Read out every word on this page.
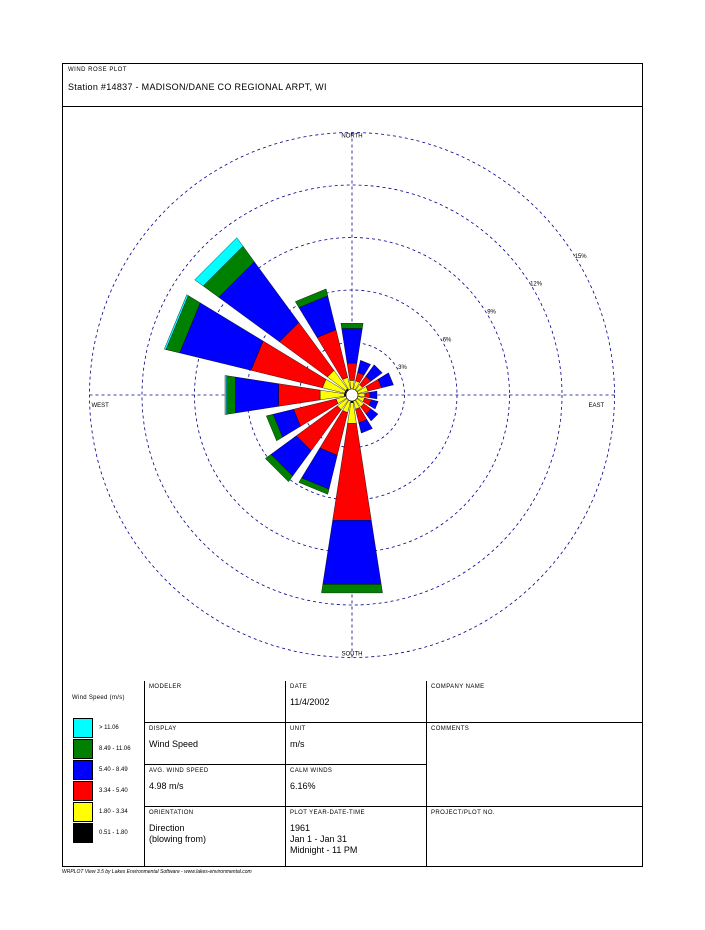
WIND ROSE PLOT
Station #14837 - MADISON/DANE CO REGIONAL ARPT, WI
NORTH
SOUTH
EAST
WEST
3%
6%
9%
12%
15%
Wind Speed (m/s)
> 11.06
8.49 - 11.06
5.40 - 8.49
3.34 - 5.40
1.80 - 3.34
0.51 - 1.80
MODELER	DATE
11/4/2002
COMPANY NAME
DISPLAY
Wind Speed
UNIT
m/s
COMMENTS
AVG. WIND SPEED
4.98 m/s
CALM WINDS
6.16%
ORIENTATION
Direction
(blowing from)
PLOT YEAR-DATE-TIME
1961
Jan 1 - Jan 31
Midnight - 11 PM
PROJECT/PLOT NO.
WRPLOT View 3.5 by Lakes Environmental Software - www.lakes-environmental.com
